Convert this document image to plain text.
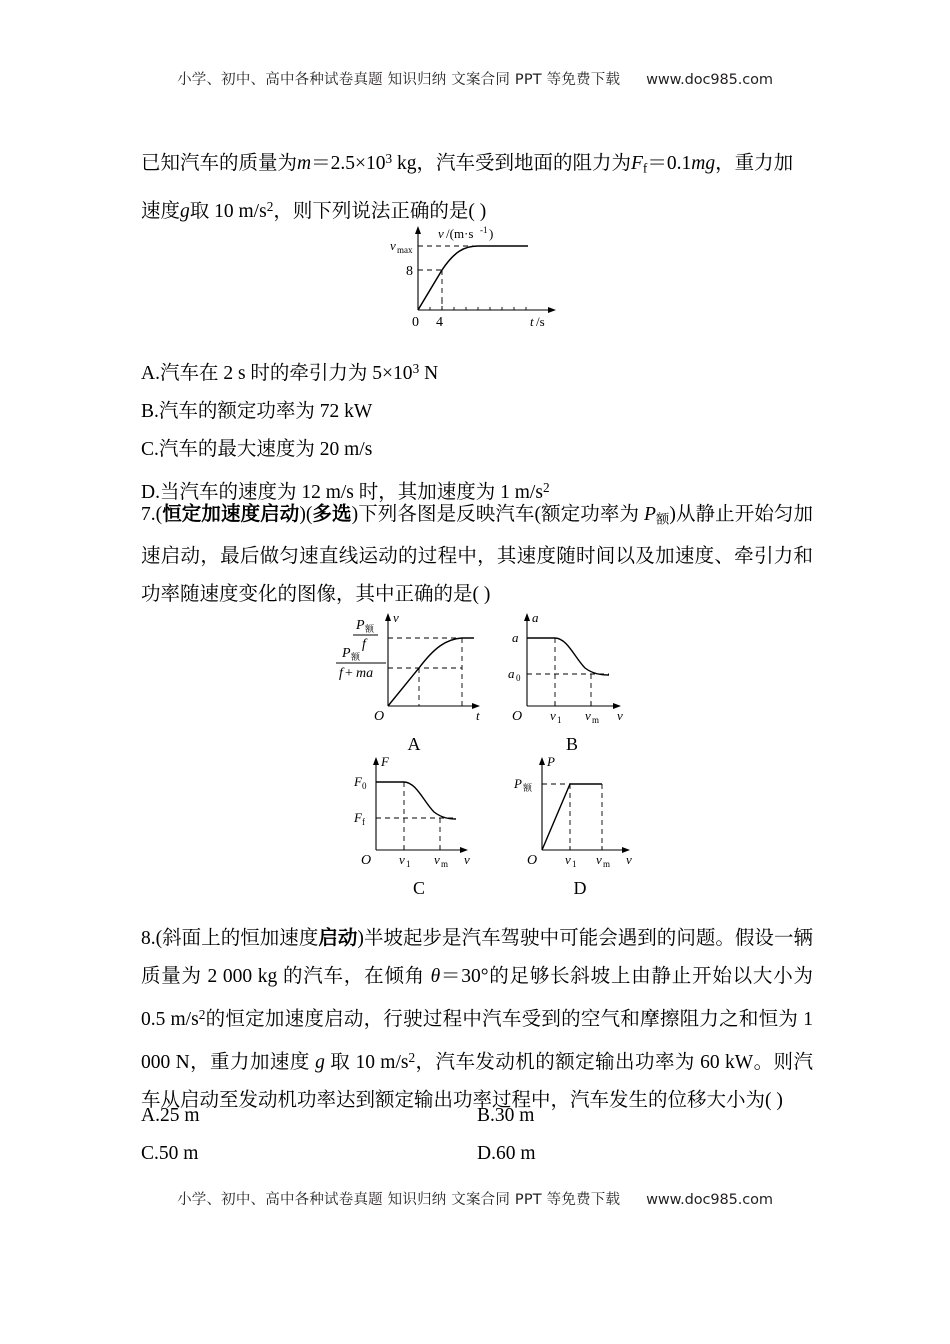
小学、初中、高中各种试卷真题 知识归纳 文案合同 PPT 等免费下载 www.doc985.com

已知汽车的质量为$m=2.5\times 10^3$ kg，汽车受到地面的阻力为$F_f=0.1mg$，重力加

速度g取 10 $m/s^2$，则下列说法正确的是( )

v /(m·s -1 )
v max
8
0 4	t /s

A.汽车在 2 s 时的牵引力为 $5\times 10^3$ N

B.汽车的额定功率为 72 kW

C.汽车的最大速度为 20 m/s

D.当汽车的速度为 12 m/s 时，其加速度为 1 $m/s^2$

7.(恒定加速度启动)(多选)下列各图是反映汽车(额定功率为 P额)从静止开始匀加速启动，最后做匀速直线运动的过程中，其速度随时间以及加速度、牵引力和功率随速度变化的图像，其中正确的是( )

P 额
f
P 额
f + ma
v
t
O
A
a
v
O
a
a 0
v 1 v m
B
F
v
O
F 0
F f
v 1 v m
C
P
v
O
P 额
v 1 v m
D

8.(斜面上的恒加速度启动)半坡起步是汽车驾驶中可能会遇到的问题。假设一辆质量为 2 000 kg 的汽车，在倾角 θ＝30°的足够长斜坡上由静止开始以大小为 0.5 $m/s^2$的恒定加速度启动，行驶过程中汽车受到的空气和摩擦阻力之和恒为 1 000 N，重力加速度 g 取 10 $m/s^2$，汽车发动机的额定输出功率为 60 kW。则汽车从启动至发动机功率达到额定输出功率过程中，汽车发生的位移大小为( )

A.25 m	B.30 m
C.50 m	D.60 m
小学、初中、高中各种试卷真题 知识归纳 文案合同 PPT 等免费下载 www.doc985.com
